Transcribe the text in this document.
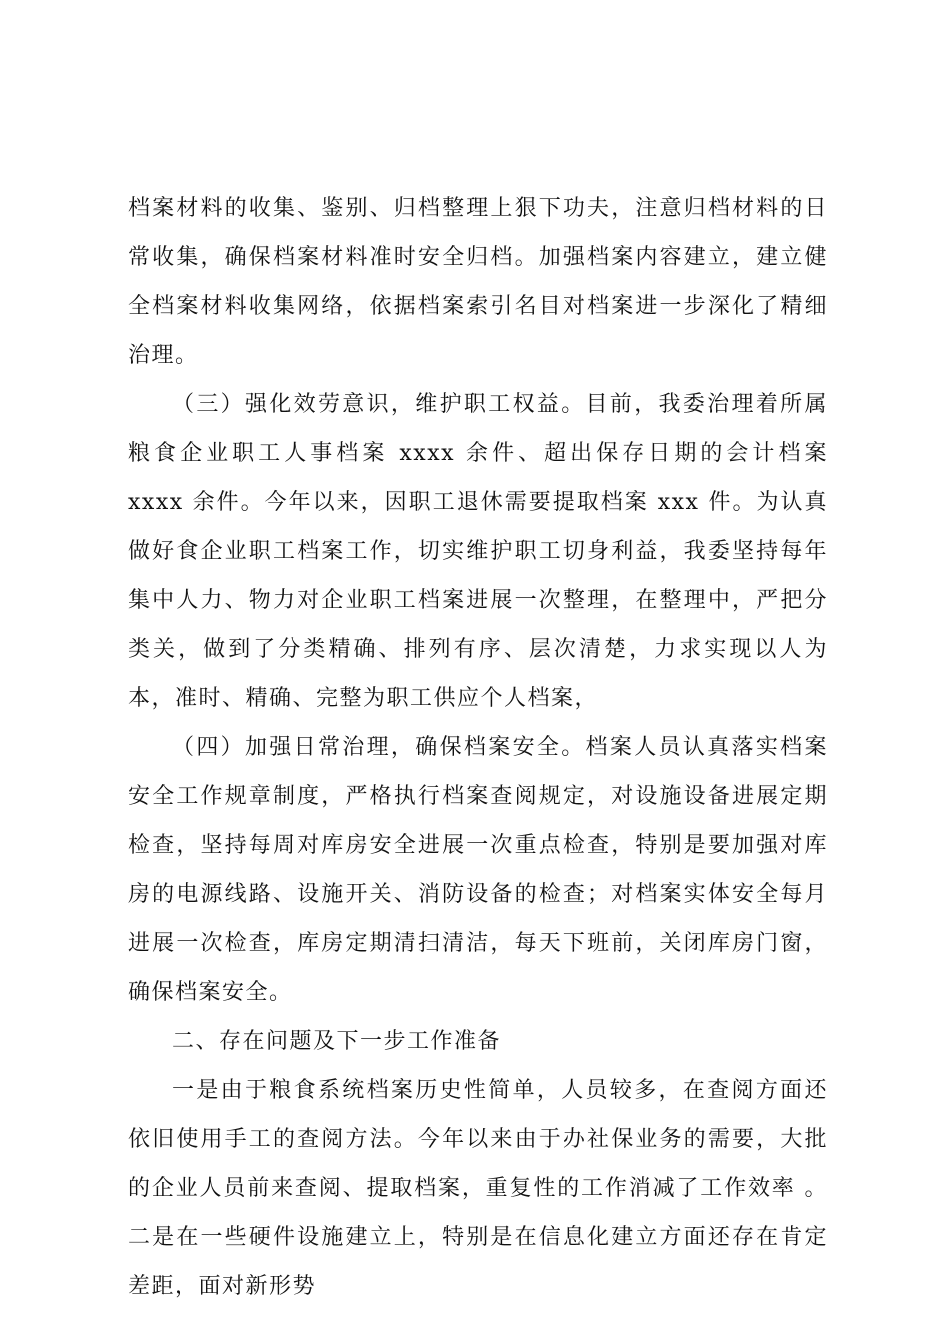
档案材料的收集、鉴别、归档整理上狠下功夫，注意归档材料的日常收集，确保档案材料准时安全归档。加强档案内容建立，建立健全档案材料收集网络，依据档案索引名目对档案进一步深化了精细治理。

（三）强化效劳意识，维护职工权益。目前，我委治理着所属粮食企业职工人事档案 xxxx 余件、超出保存日期的会计档案 xxxx 余件。今年以来，因职工退休需要提取档案 xxx 件。为认真做好食企业职工档案工作，切实维护职工切身利益，我委坚持每年集中人力、物力对企业职工档案进展一次整理，在整理中，严把分类关，做到了分类精确、排列有序、层次清楚，力求实现以人为本，准时、精确、完整为职工供应个人档案，

（四）加强日常治理，确保档案安全。档案人员认真落实档案安全工作规章制度，严格执行档案查阅规定，对设施设备进展定期检查，坚持每周对库房安全进展一次重点检查，特别是要加强对库房的电源线路、设施开关、消防设备的检查；对档案实体安全每月进展一次检查，库房定期清扫清洁，每天下班前，关闭库房门窗，确保档案安全。

二、存在问题及下一步工作准备

一是由于粮食系统档案历史性简单，人员较多，在查阅方面还依旧使用手工的查阅方法。今年以来由于办社保业务的需要，大批的企业人员前来查阅、提取档案，重复性的工作消减了工作效率 。二是在一些硬件设施建立上，特别是在信息化建立方面还存在肯定差距，面对新形势
